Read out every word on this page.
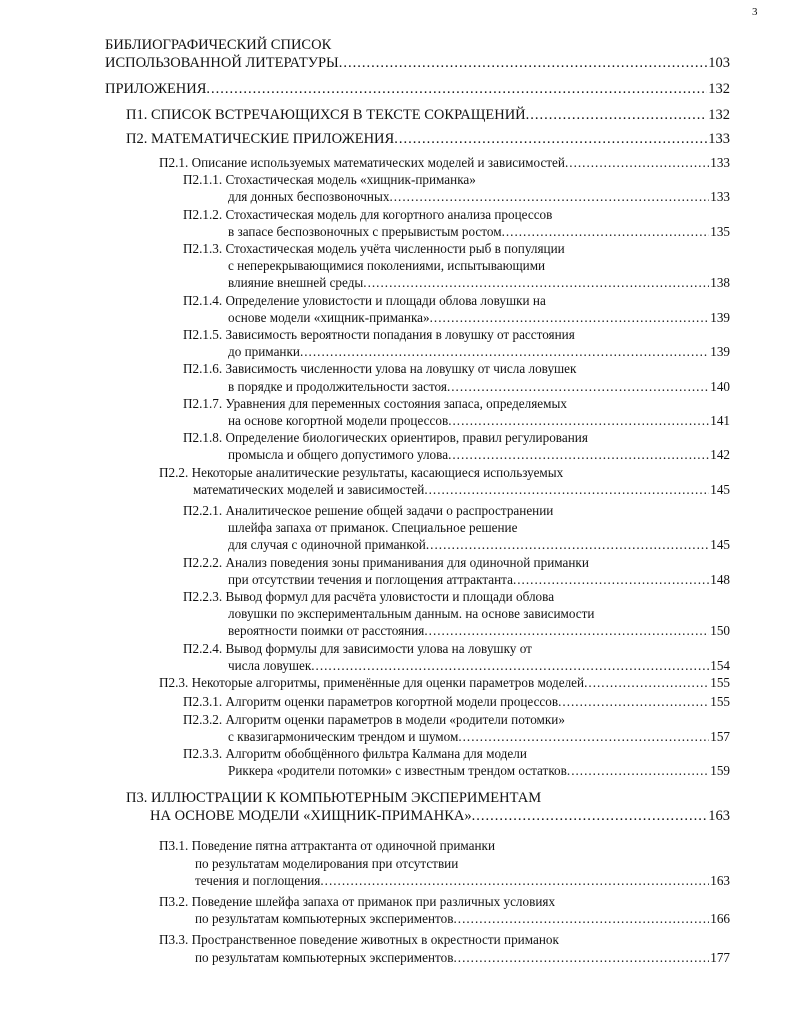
3
БИБЛИОГРАФИЧЕСКИЙ СПИСОК
ИСПОЛЬЗОВАННОЙ ЛИТЕРАТУРЫ .....	103
ПРИЛОЖЕНИЯ .....	132
П1. СПИСОК ВСТРЕЧАЮЩИХСЯ В ТЕКСТЕ СОКРАЩЕНИЙ .....	132
П2. МАТЕМАТИЧЕСКИЕ ПРИЛОЖЕНИЯ .....	133
П2.1. Описание используемых математических моделей и зависимостей .....	133
П2.1.1. Стохастическая модель «хищник-приманка»
для донных беспозвоночных .....	133
П2.1.2. Стохастическая модель для когортного анализа процессов
в запасе беспозвоночных с прерывистым ростом .....	135
П2.1.3. Стохастическая модель учёта численности рыб в популяции
с неперекрывающимися поколениями, испытывающими
влияние внешней среды .....	138
П2.1.4. Определение уловистости и площади облова ловушки на
основе модели «хищник-приманка» .....	139
П2.1.5. Зависимость вероятности попадания в ловушку от расстояния
до приманки .....	139
П2.1.6. Зависимость численности улова на ловушку от числа ловушек
в порядке и продолжительности застоя .....	140
П2.1.7. Уравнения для переменных состояния запаса, определяемых
на основе когортной модели процессов .....	141
П2.1.8. Определение биологических ориентиров, правил регулирования
промысла и общего допустимого улова .....	142
П2.2. Некоторые аналитические результаты, касающиеся используемых
математических моделей и зависимостей .....	145
П2.2.1. Аналитическое решение общей задачи о распространении
шлейфа запаха от приманок. Специальное решение
для случая с одиночной приманкой .....	145
П2.2.2. Анализ поведения зоны приманивания для одиночной приманки
при отсутствии течения и поглощения аттрактанта .....	148
П2.2.3. Вывод формул для расчёта уловистости и площади облова
ловушки по экспериментальным данным. на основе зависимости
вероятности поимки от расстояния .....	150
П2.2.4. Вывод формулы для зависимости улова на ловушку от
числа ловушек .....	154
П2.3. Некоторые алгоритмы, применённые для оценки параметров моделей .....	155
П2.3.1. Алгоритм оценки параметров когортной модели процессов .....	155
П2.3.2. Алгоритм оценки параметров в модели «родители потомки»
с квазигармоническим трендом и шумом .....	157
П2.3.3. Алгоритм обобщённого фильтра Калмана для модели
Риккера «родители потомки» с известным трендом остатков .....	159
П3. ИЛЛЮСТРАЦИИ К КОМПЬЮТЕРНЫМ ЭКСПЕРИМЕНТАМ
НА ОСНОВЕ МОДЕЛИ «ХИЩНИК-ПРИМАНКА» .....	163
П3.1. Поведение пятна аттрактанта от одиночной приманки
по результатам моделирования при отсутствии
течения и поглощения .....	163
П3.2. Поведение шлейфа запаха от приманок при различных условиях
по результатам компьютерных экспериментов .....	166
П3.3. Пространственное поведение животных в окрестности приманок
по результатам компьютерных экспериментов .....	177
